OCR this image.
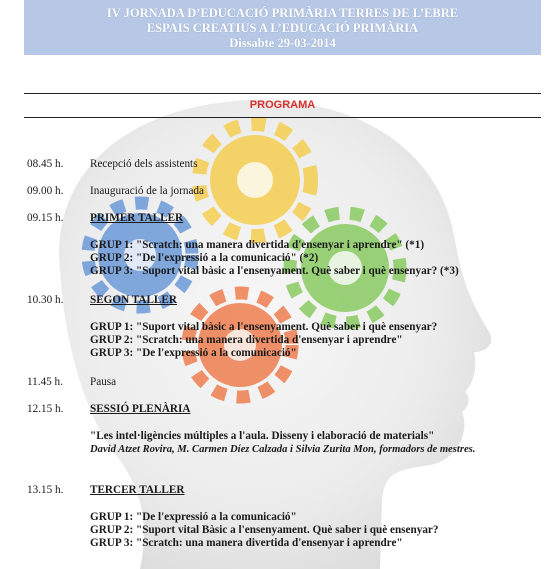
IV JORNADA D’EDUCACIÓ PRIMÀRIA TERRES DE L’EBRE
ESPAIS CREATIUS A L’EDUCACIÓ PRIMÀRIA
Dissabte 29-03-2014
PROGRAMA
08.45 h. Recepció dels assistents
09.00 h. Inauguració de la jornada
09.15 h. PRIMER TALLER
GRUP 1: "Scratch: una manera divertida d'ensenyar i aprendre" (*1)
GRUP 2: "De l'expressió a la comunicació" (*2)
GRUP 3: "Suport vital bàsic a l'ensenyament. Què saber i què ensenyar? (*3)
10.30 h. SEGON TALLER
GRUP 1: "Suport vital bàsic a l'ensenyament. Què saber i què ensenyar?
GRUP 2: "Scratch: una manera divertida d'ensenyar i aprendre"
GRUP 3: "De l'expressió a la comunicació"
11.45 h. Pausa
12.15 h. SESSIÓ PLENÀRIA
"Les intel·ligències múltiples a l'aula. Disseny i elaboració de materials"
David Atzet Rovira, M. Carmen Díez Calzada i Silvia Zurita Mon, formadors de mestres.
13.15 h. TERCER TALLER
GRUP 1: "De l'expressió a la comunicació"
GRUP 2: "Suport vital Bàsic a l'ensenyament. Què saber i què ensenyar?
GRUP 3: "Scratch: una manera divertida d'ensenyar i aprendre"
